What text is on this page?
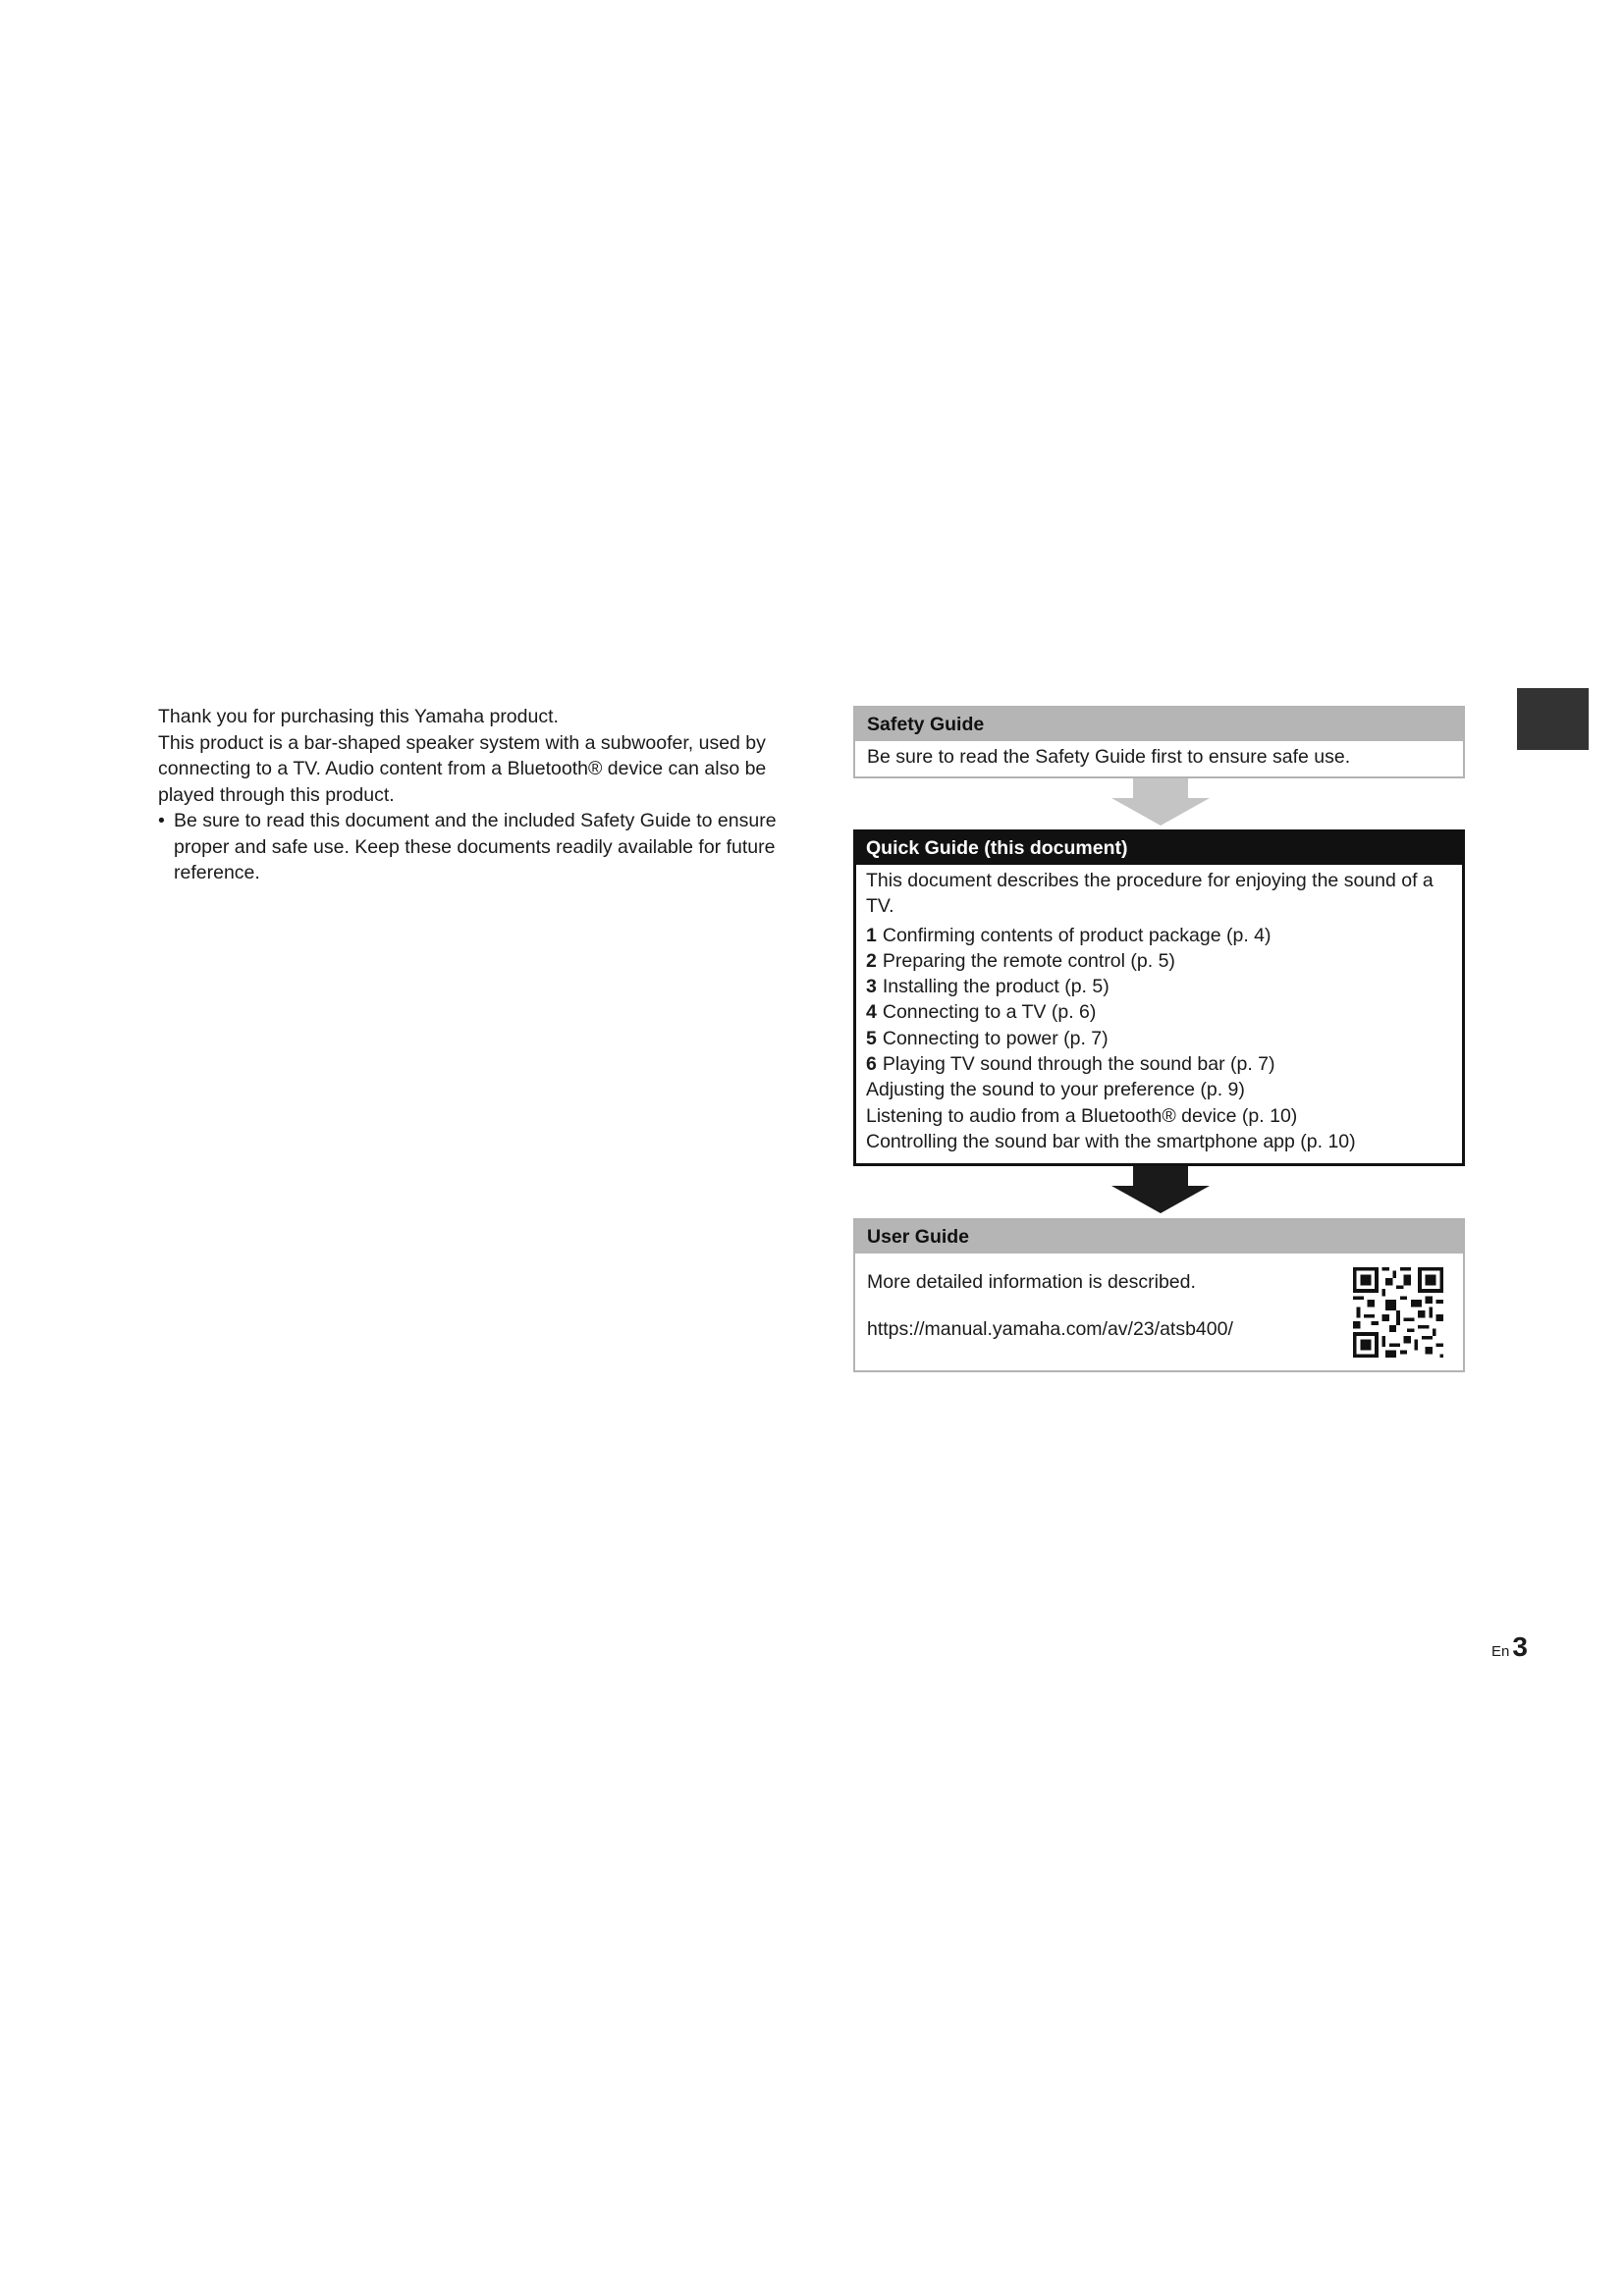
Thank you for purchasing this Yamaha product.

This product is a bar-shaped speaker system with a subwoofer, used by connecting to a TV. Audio content from a Bluetooth® device can also be played through this product.

• Be sure to read this document and the included Safety Guide to ensure proper and safe use. Keep these documents readily available for future reference.
Safety Guide
Be sure to read the Safety Guide first to ensure safe use.
Quick Guide (this document)
This document describes the procedure for enjoying the sound of a TV.
1 Confirming contents of product package (p. 4)
2 Preparing the remote control (p. 5)
3 Installing the product (p. 5)
4 Connecting to a TV (p. 6)
5 Connecting to power (p. 7)
6 Playing TV sound through the sound bar (p. 7)
Adjusting the sound to your preference (p. 9)
Listening to audio from a Bluetooth® device (p. 10)
Controlling the sound bar with the smartphone app (p. 10)
User Guide
More detailed information is described.
https://manual.yamaha.com/av/23/atsb400/
En 3
